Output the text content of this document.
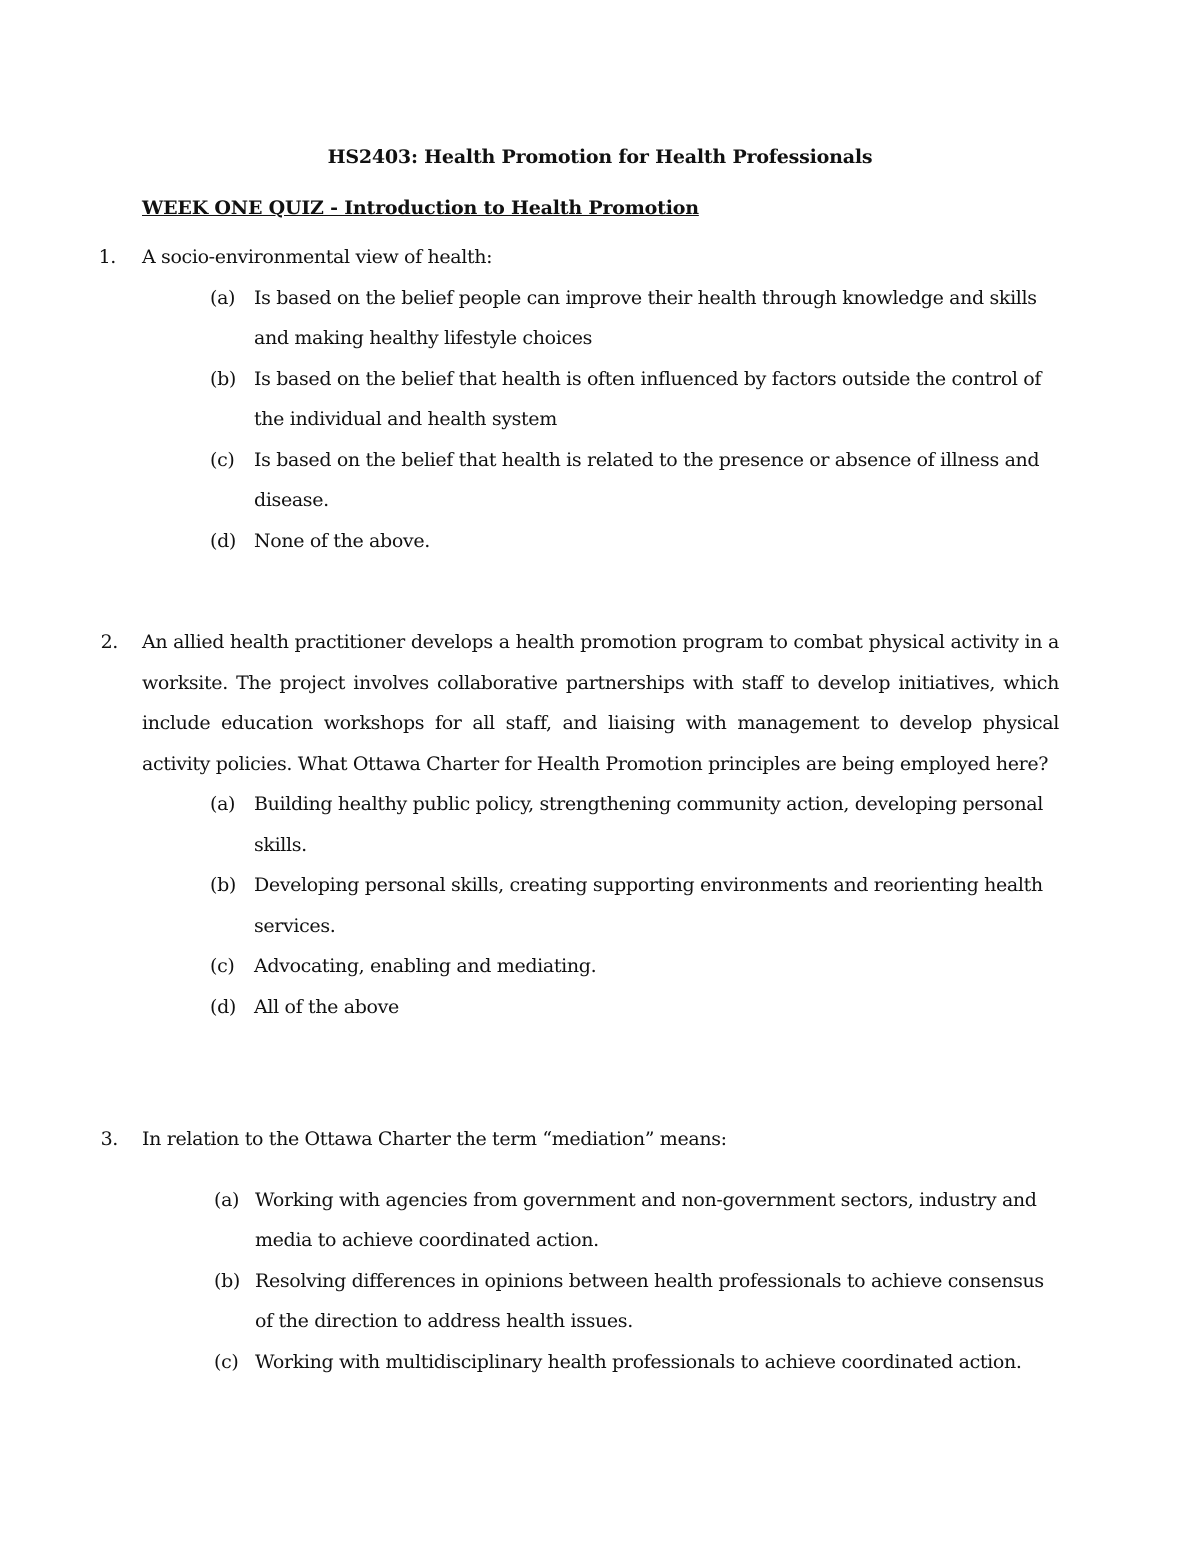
HS2403: Health Promotion for Health Professionals
WEEK ONE QUIZ - Introduction to Health Promotion
1. A socio-environmental view of health:
(a) Is based on the belief people can improve their health through knowledge and skills and making healthy lifestyle choices
(b) Is based on the belief that health is often influenced by factors outside the control of the individual and health system
(c) Is based on the belief that health is related to the presence or absence of illness and disease.
(d) None of the above.
2. An allied health practitioner develops a health promotion program to combat physical activity in a worksite. The project involves collaborative partnerships with staff to develop initiatives, which include education workshops for all staff, and liaising with management to develop physical activity policies. What Ottawa Charter for Health Promotion principles are being employed here?
(a) Building healthy public policy, strengthening community action, developing personal skills.
(b) Developing personal skills, creating supporting environments and reorienting health services.
(c) Advocating, enabling and mediating.
(d) All of the above
3. In relation to the Ottawa Charter the term “mediation” means:
(a) Working with agencies from government and non-government sectors, industry and media to achieve coordinated action.
(b) Resolving differences in opinions between health professionals to achieve consensus of the direction to address health issues.
(c) Working with multidisciplinary health professionals to achieve coordinated action.
